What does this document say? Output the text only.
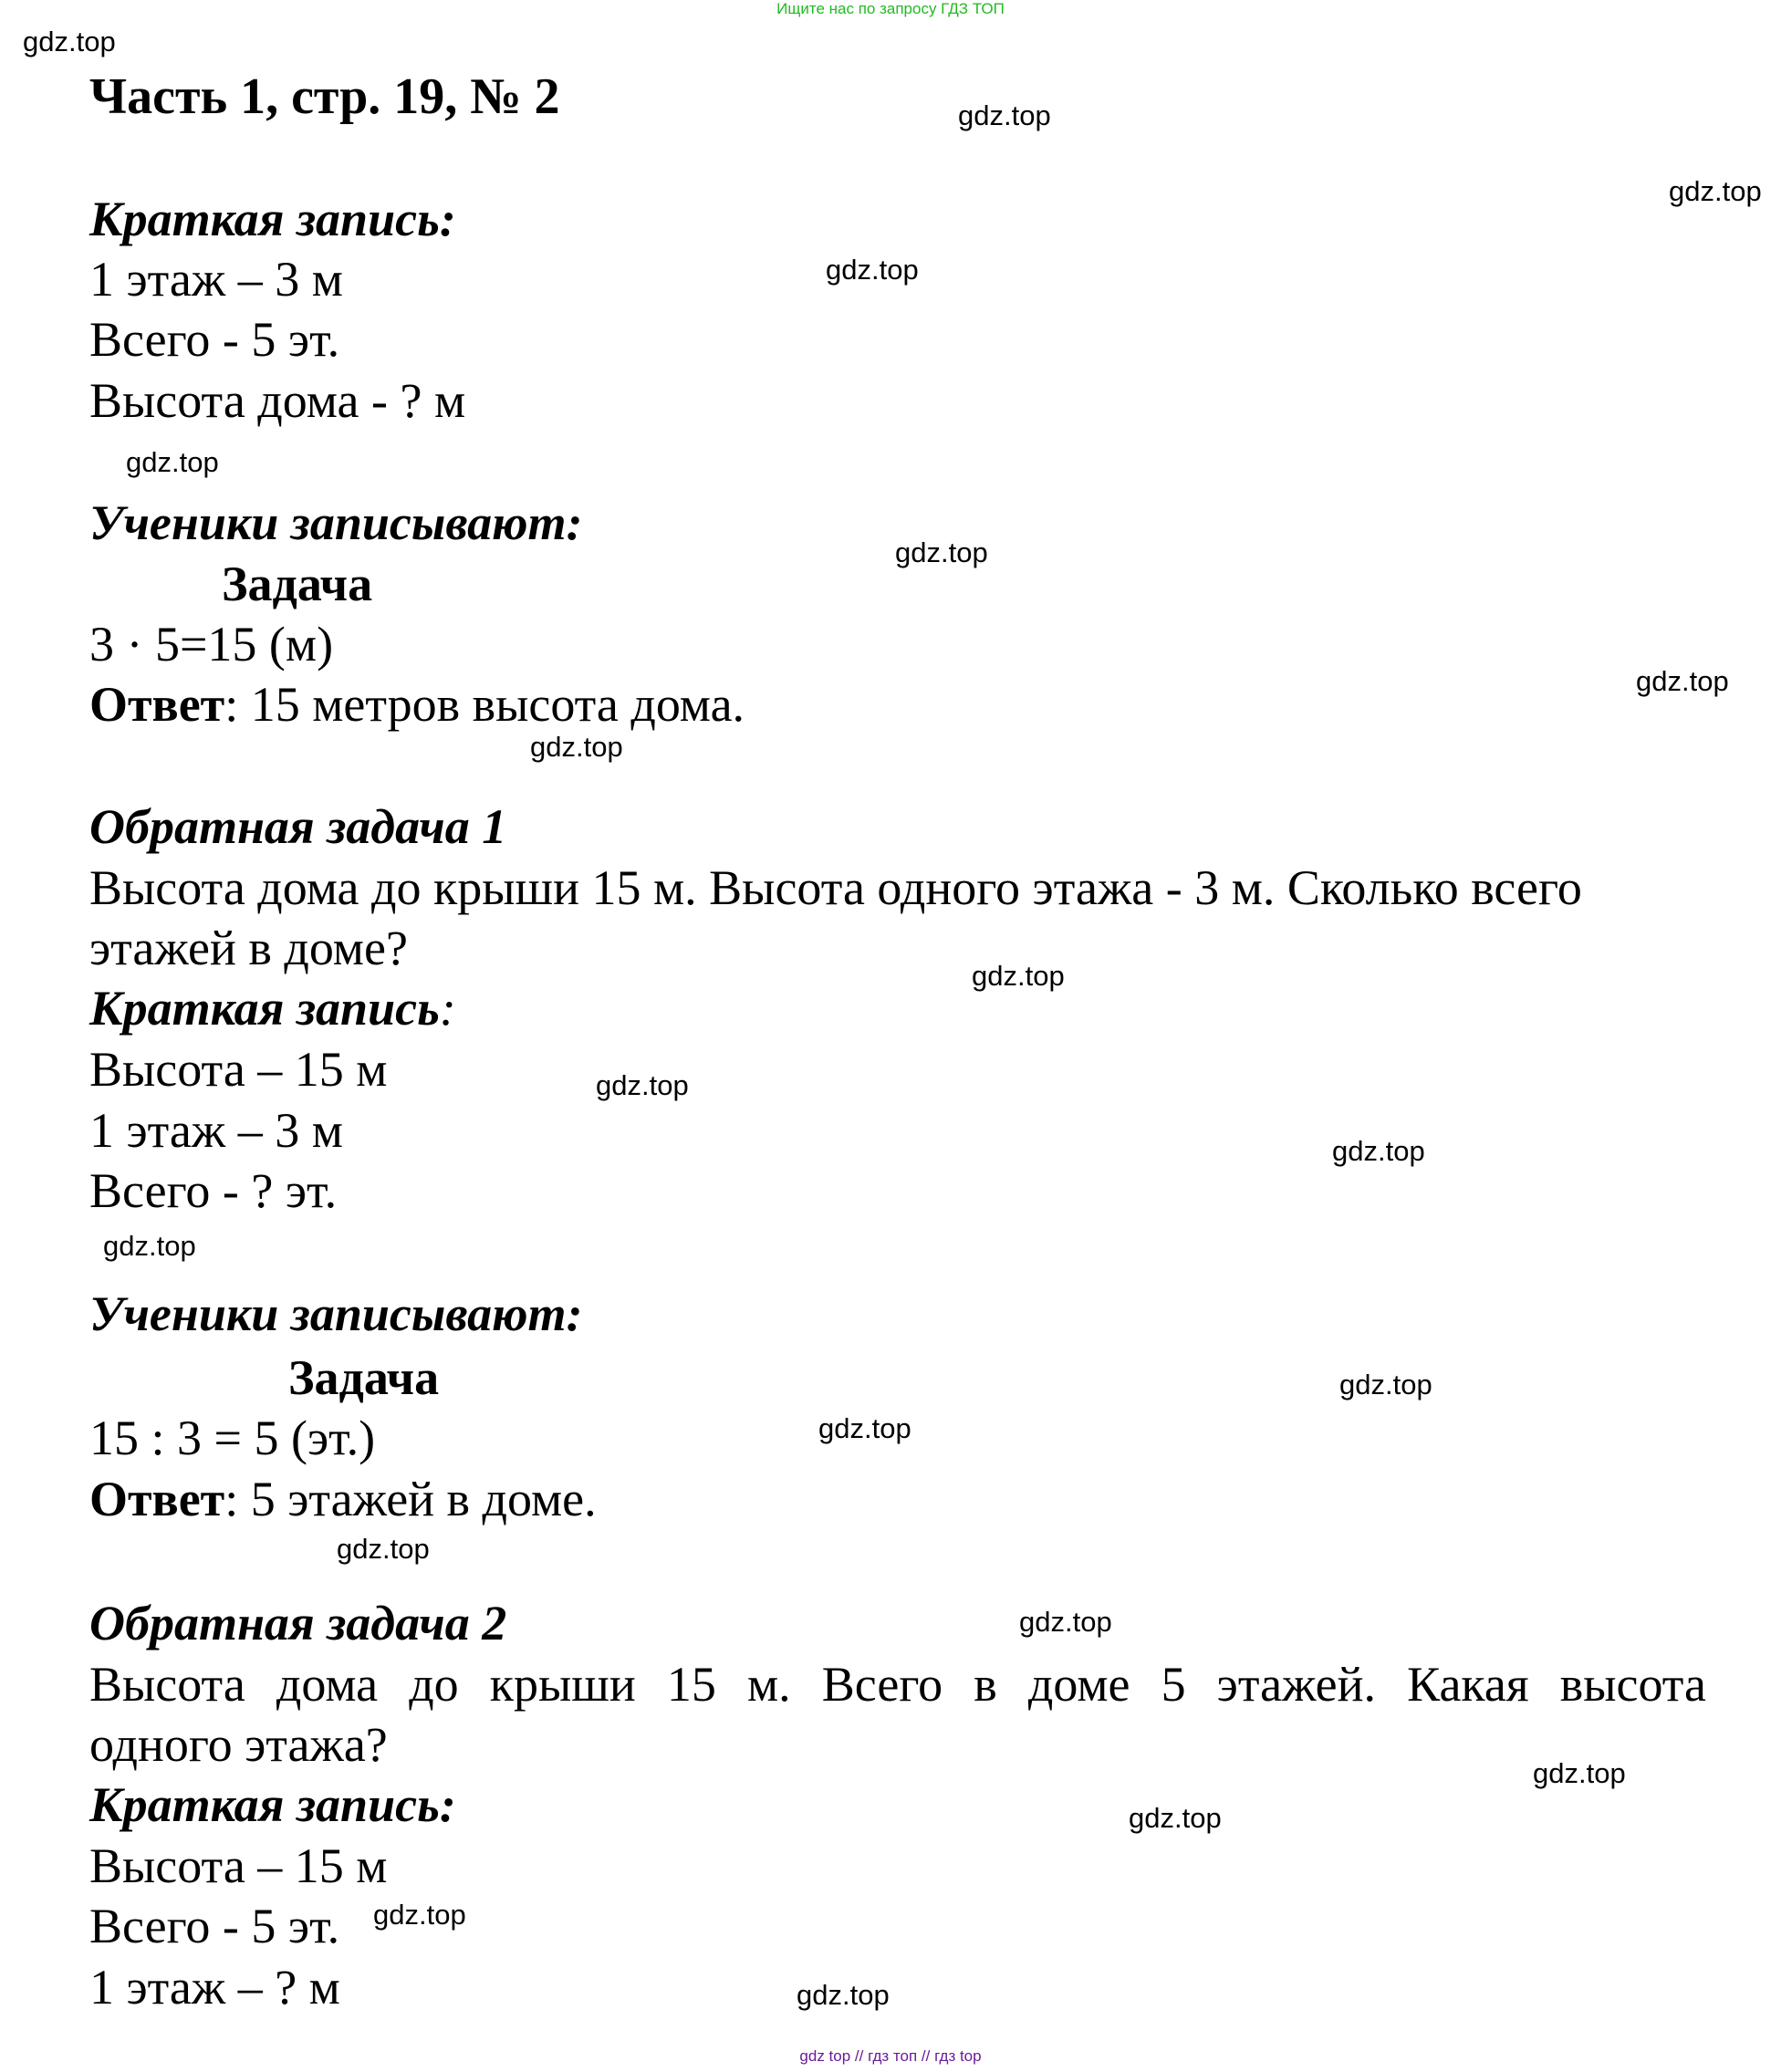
Ищите нас по запросу ГДЗ ТОП
gdz top // гдз топ // гдз top
Часть 1, стр. 19, № 2
Краткая запись:
1 этаж – 3 м
Всего - 5 эт.
Высота дома - ? м
Ученики записывают:
Задача
3 · 5=15 (м)
Ответ: 15 метров высота дома.
Обратная задача 1
Высота дома до крыши 15 м. Высота одного этажа - 3 м. Сколько всего
этажей в доме?
Краткая запись:
Высота – 15 м
1 этаж – 3 м
Всего - ? эт.
Ученики записывают:
Задача
15 : 3 = 5 (эт.)
Ответ: 5 этажей в доме.
Обратная задача 2
Высота дома до крыши 15 м. Всего в доме 5 этажей. Какая высота
одного этажа?
Краткая запись:
Высота – 15 м
Всего - 5 эт.
1 этаж – ? м
gdz.top
gdz.top
gdz.top
gdz.top
gdz.top
gdz.top
gdz.top
gdz.top
gdz.top
gdz.top
gdz.top
gdz.top
gdz.top
gdz.top
gdz.top
gdz.top
gdz.top
gdz.top
gdz.top
gdz.top
